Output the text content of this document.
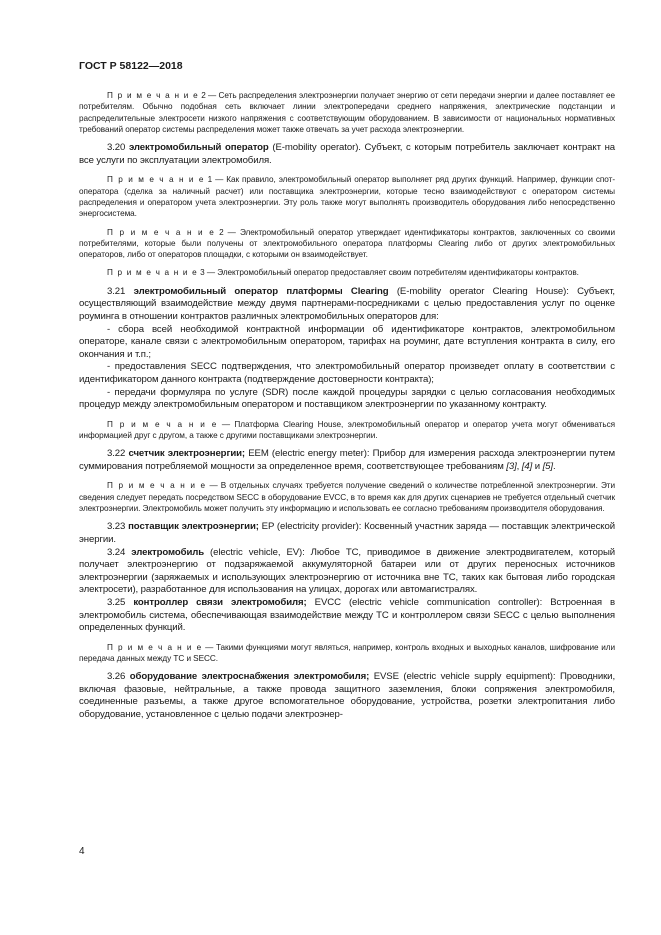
ГОСТ Р 58122—2018

П р и м е ч а н и е 2 — Сеть распределения электроэнергии получает энергию от сети передачи энергии и далее поставляет ее потребителям. Обычно подобная сеть включает линии электропередачи среднего напряжения, электрические подстанции и распределительные электросети низкого напряжения с соответствующим оборудованием. В зависимости от национальных нормативных требований оператор системы распределения может также отвечать за учет расхода электроэнергии.

3.20 электромобильный оператор (E-mobility operator). Субъект, с которым потребитель заключает контракт на все услуги по эксплуатации электромобиля.

П р и м е ч а н и е 1 — Как правило, электромобильный оператор выполняет ряд других функций. Например, функции спот-оператора (сделка за наличный расчет) или поставщика электроэнергии, которые тесно взаимодействуют с оператором системы распределения и оператором учета электроэнергии. Эту роль также могут выполнять производитель оборудования либо непосредственно энергосистема.

П р и м е ч а н и е 2 — Электромобильный оператор утверждает идентификаторы контрактов, заключенных со своими потребителями, которые были получены от электромобильного оператора платформы Clearing либо от других электромобильных операторов, либо от операторов площадки, с которыми он взаимодействует.

П р и м е ч а н и е 3 — Электромобильный оператор предоставляет своим потребителям идентификаторы контрактов.

3.21 электромобильный оператор платформы Clearing (E-mobility operator Clearing House): Субъект, осуществляющий взаимодействие между двумя партнерами-посредниками с целью предоставления услуг по оценке роуминга в отношении контрактов различных электромобильных операторов для:

- сбора всей необходимой контрактной информации об идентификаторе контрактов, электромобильном операторе, канале связи с электромобильным оператором, тарифах на роуминг, дате вступления контракта в силу, его окончания и т.п.;

- предоставления SECC подтверждения, что электромобильный оператор произведет оплату в соответствии с идентификатором данного контракта (подтверждение достоверности контракта);

- передачи формуляра по услуге (SDR) после каждой процедуры зарядки с целью согласования необходимых процедур между электромобильным оператором и поставщиком электроэнергии по указанному контракту.

П р и м е ч а н и е — Платформа Clearing House, электромобильный оператор и оператор учета могут обмениваться информацией друг с другом, а также с другими поставщиками электроэнергии.

3.22 счетчик электроэнергии; EEM (electric energy meter): Прибор для измерения расхода электроэнергии путем суммирования потребляемой мощности за определенное время, соответствующее требованиям [3], [4] и [5].

П р и м е ч а н и е — В отдельных случаях требуется получение сведений о количестве потребленной электроэнергии. Эти сведения следует передать посредством SECC в оборудование EVCC, в то время как для других сценариев не требуется отдельный счетчик электроэнергии. Электромобиль может получить эту информацию и использовать ее согласно требованиям производителя оборудования.

3.23 поставщик электроэнергии; EP (electricity provider): Косвенный участник заряда — поставщик электрической энергии.

3.24 электромобиль (electric vehicle, EV): Любое ТС, приводимое в движение электродвигателем, который получает электроэнергию от подзаряжаемой аккумуляторной батареи или от других переносных источников электроэнергии (заряжаемых и использующих электроэнергию от источника вне ТС, таких как бытовая либо городская электросети), разработанное для использования на улицах, дорогах или автомагистралях.

3.25 контроллер связи электромобиля; EVCC (electric vehicle communication controller): Встроенная в электромобиль система, обеспечивающая взаимодействие между ТС и контроллером связи SECC с целью выполнения определенных функций.

П р и м е ч а н и е — Такими функциями могут являться, например, контроль входных и выходных каналов, шифрование или передача данных между ТС и SECC.

3.26 оборудование электроснабжения электромобиля; EVSE (electric vehicle supply equipment): Проводники, включая фазовые, нейтральные, а также провода защитного заземления, блоки сопряжения электромобиля, соединенные разъемы, а также другое вспомогательное оборудование, устройства, розетки электропитания либо оборудование, установленное с целью подачи электроэнер-

4
